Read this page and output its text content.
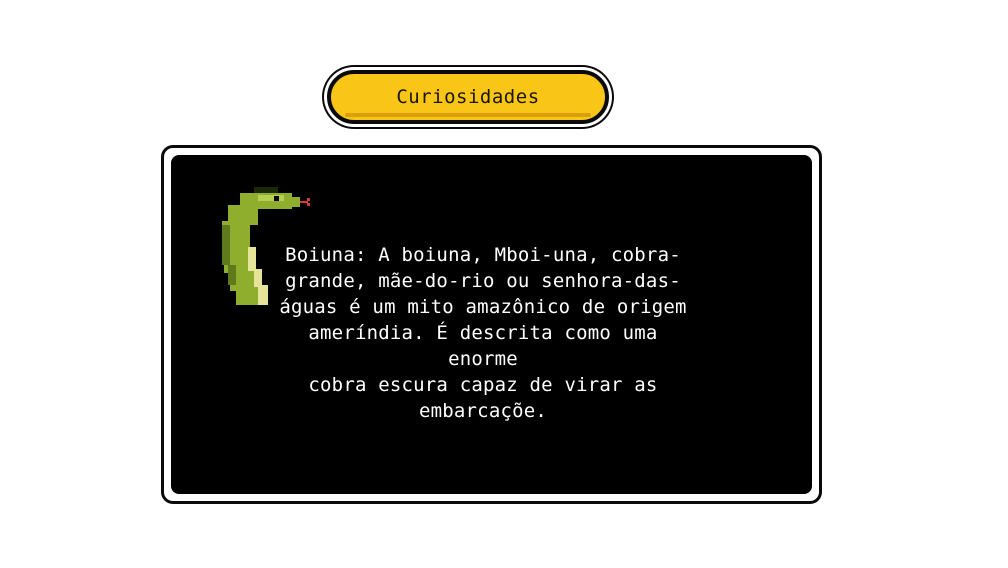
Curiosidades

Boiuna: A boiuna, Mboi-una, cobra-
grande, mãe-do-rio ou senhora-das-
águas é um mito amazônico de origem
ameríndia. É descrita como uma enorme
cobra escura capaz de virar as
embarcaçõe.
